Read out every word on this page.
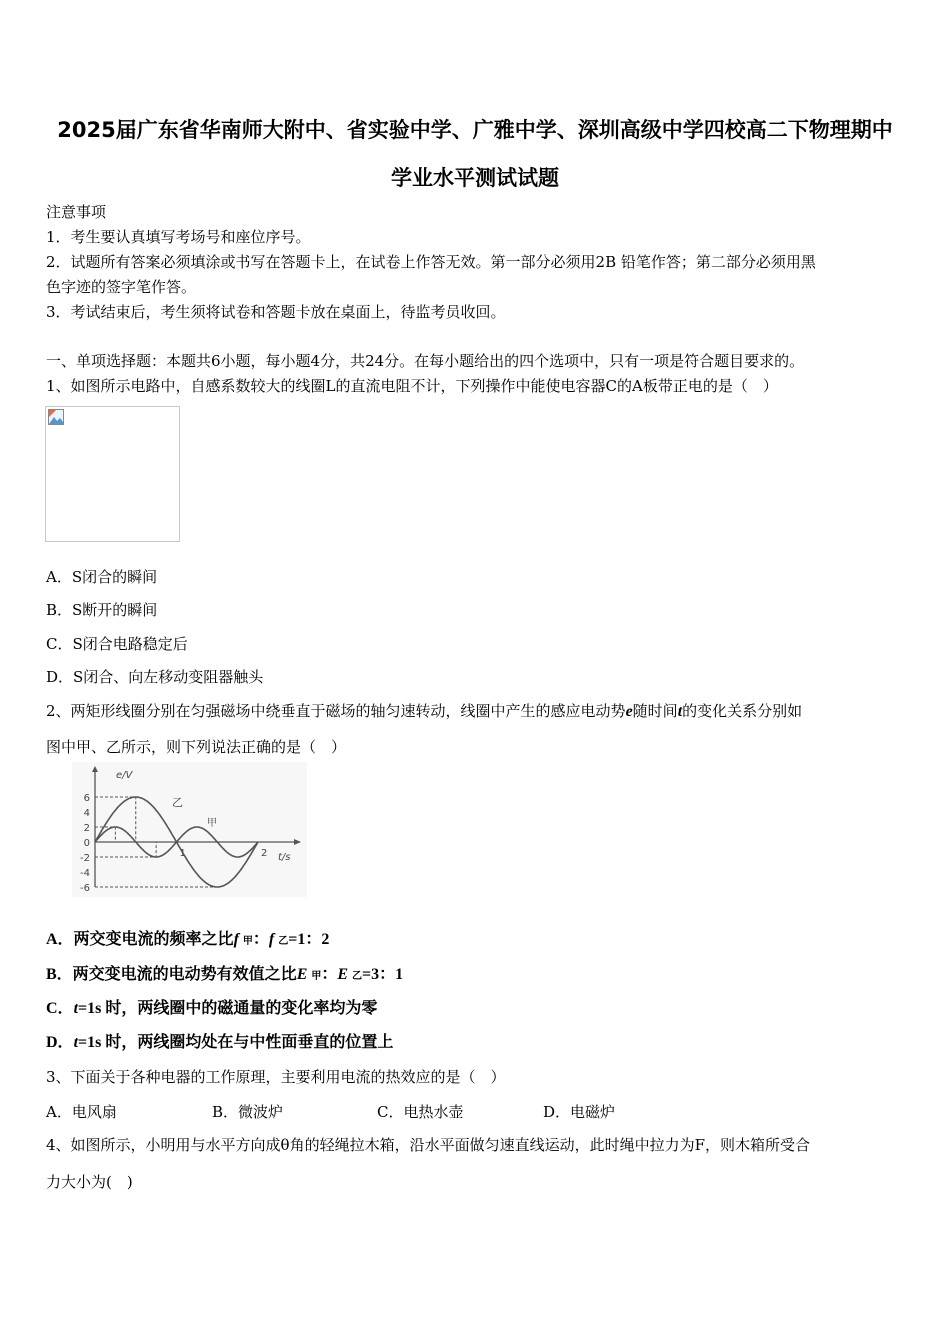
2025届广东省华南师大附中、省实验中学、广雅中学、深圳高级中学四校高二下物理期中
学业水平测试试题
注意事项
1．考生要认真填写考场号和座位序号。
2．试题所有答案必须填涂或书写在答题卡上，在试卷上作答无效。第一部分必须用2B 铅笔作答；第二部分必须用黑
色字迹的签字笔作答。
3．考试结束后，考生须将试卷和答题卡放在桌面上，待监考员收回。
一、单项选择题：本题共6小题，每小题4分，共24分。在每小题给出的四个选项中，只有一项是符合题目要求的。
1、如图所示电路中，自感系数较大的线圈L的直流电阻不计，下列操作中能使电容器C的A板带正电的是（　）
A．S闭合的瞬间
B．S断开的瞬间
C．S闭合电路稳定后
D．S闭合、向左移动变阻器触头
2、两矩形线圈分别在匀强磁场中绕垂直于磁场的轴匀速转动，线圈中产生的感应电动势e随时间t的变化关系分别如
图中甲、乙所示，则下列说法正确的是（　）
6
4
2
0
-2
-4
-6
1	2
e/V
t/s
乙
甲
A．两交变电流的频率之比f 甲：f 乙=1：2
B．两交变电流的电动势有效值之比E 甲：E 乙=3：1
C．t=1s 时，两线圈中的磁通量的变化率均为零
D．t=1s 时，两线圈均处在与中性面垂直的位置上
3、下面关于各种电器的工作原理，主要利用电流的热效应的是（　）
A．电风扇	B．微波炉	C．电热水壶	D．电磁炉
4、如图所示，小明用与水平方向成θ角的轻绳拉木箱，沿水平面做匀速直线运动，此时绳中拉力为F，则木箱所受合
力大小为(　)
